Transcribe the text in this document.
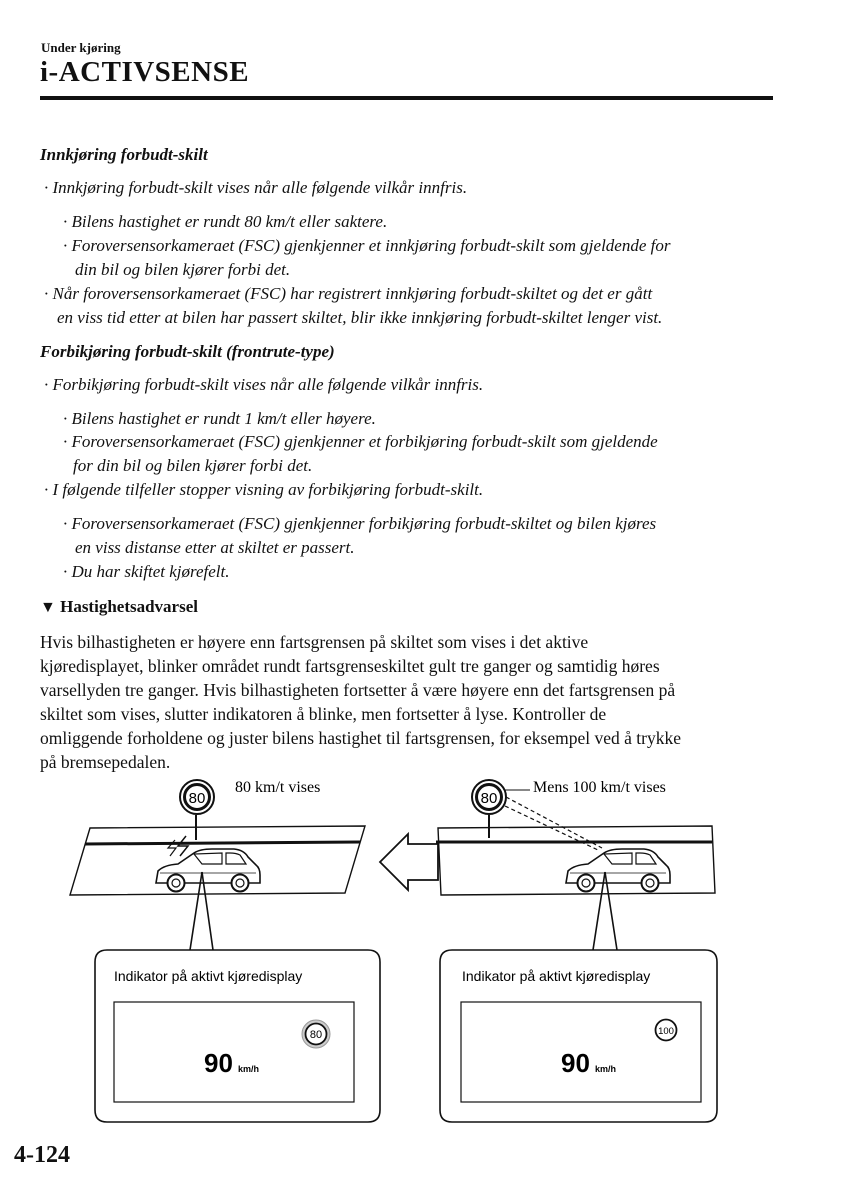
Under kjøring
i-ACTIVSENSE
Innkjøring forbudt-skilt
· Innkjøring forbudt-skilt vises når alle følgende vilkår innfris.
· Bilens hastighet er rundt 80 km/t eller saktere.
· Foroversensorkameraet (FSC) gjenkjenner et innkjøring forbudt-skilt som gjeldende for
din bil og bilen kjører forbi det.
· Når foroversensorkameraet (FSC) har registrert innkjøring forbudt-skiltet og det er gått
en viss tid etter at bilen har passert skiltet, blir ikke innkjøring forbudt-skiltet lenger vist.
Forbikjøring forbudt-skilt (frontrute-type)
· Forbikjøring forbudt-skilt vises når alle følgende vilkår innfris.
· Bilens hastighet er rundt 1 km/t eller høyere.
· Foroversensorkameraet (FSC) gjenkjenner et forbikjøring forbudt-skilt som gjeldende
for din bil og bilen kjører forbi det.
· I følgende tilfeller stopper visning av forbikjøring forbudt-skilt.
· Foroversensorkameraet (FSC) gjenkjenner forbikjøring forbudt-skiltet og bilen kjøres
en viss distanse etter at skiltet er passert.
· Du har skiftet kjørefelt.
▼ Hastighetsadvarsel
Hvis bilhastigheten er høyere enn fartsgrensen på skiltet som vises i det aktive
kjøredisplayet, blinker området rundt fartsgrenseskiltet gult tre ganger og samtidig høres
varsellyden tre ganger. Hvis bilhastigheten fortsetter å være høyere enn det fartsgrensen på
skiltet som vises, slutter indikatoren å blinke, men fortsetter å lyse. Kontroller de
omliggende forholdene og juster bilens hastighet til fartsgrensen, for eksempel ved å trykke
på bremsepedalen.
80
80 km/t vises
Indikator på aktivt kjøredisplay
80
90 km/h
80
Mens 100 km/t vises
Indikator på aktivt kjøredisplay
100
90 km/h
4-124
